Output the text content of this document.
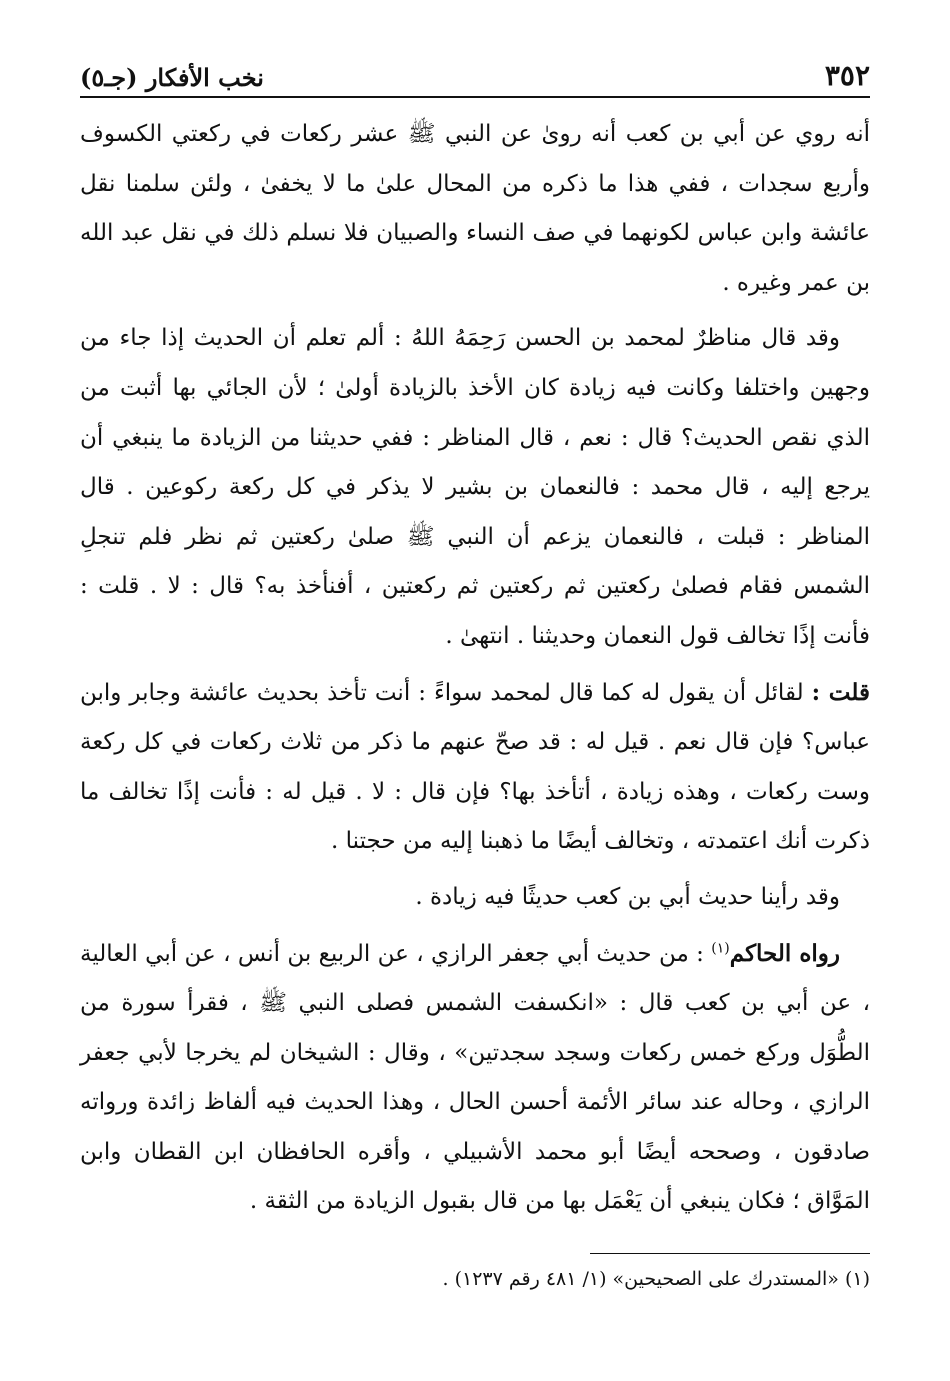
٣٥٢
نخب الأفكار (جـ٥)

أنه روي عن أبي بن كعب أنه روىٰ عن النبي ﷺ عشر ركعات في ركعتي الكسوف وأربع سجدات ، ففي هذا ما ذكره من المحال علىٰ ما لا يخفىٰ ، ولئن سلمنا نقل عائشة وابن عباس لكونهما في صف النساء والصبيان فلا نسلم ذلك في نقل عبد الله بن عمر وغيره .

وقد قال مناظرٌ لمحمد بن الحسن رَحِمَهُ اللهُ : ألم تعلم أن الحديث إذا جاء من وجهين واختلفا وكانت فيه زيادة كان الأخذ بالزيادة أولىٰ ؛ لأن الجائي بها أثبت من الذي نقص الحديث؟ قال : نعم ، قال المناظر : ففي حديثنا من الزيادة ما ينبغي أن يرجع إليه ، قال محمد : فالنعمان بن بشير لا يذكر في كل ركعة ركوعين . قال المناظر : قبلت ، فالنعمان يزعم أن النبي ﷺ صلىٰ ركعتين ثم نظر فلم تنجلِ الشمس فقام فصلىٰ ركعتين ثم ركعتين ثم ركعتين ، أفنأخذ به؟ قال : لا . قلت : فأنت إذًا تخالف قول النعمان وحديثنا . انتهىٰ .

قلت : لقائل أن يقول له كما قال لمحمد سواءً : أنت تأخذ بحديث عائشة وجابر وابن عباس؟ فإن قال نعم . قيل له : قد صحّ عنهم ما ذكر من ثلاث ركعات في كل ركعة وست ركعات ، وهذه زيادة ، أتأخذ بها؟ فإن قال : لا . قيل له : فأنت إذًا تخالف ما ذكرت أنك اعتمدته ، وتخالف أيضًا ما ذهبنا إليه من حجتنا .

وقد رأينا حديث أبي بن كعب حديثًا فيه زيادة .

رواه الحاكم$^{(١)}$ : من حديث أبي جعفر الرازي ، عن الربيع بن أنس ، عن أبي العالية ، عن أبي بن كعب قال : «انكسفت الشمس فصلى النبي ﷺ ، فقرأ سورة من الطُّوَل وركع خمس ركعات وسجد سجدتين» ، وقال : الشيخان لم يخرجا لأبي جعفر الرازي ، وحاله عند سائر الأئمة أحسن الحال ، وهذا الحديث فيه ألفاظ زائدة ورواته صادقون ، وصححه أيضًا أبو محمد الأشبيلي ، وأقره الحافظان ابن القطان وابن المَوَّاق ؛ فكان ينبغي أن يَعْمَل بها من قال بقبول الزيادة من الثقة .

(١) «المستدرك على الصحيحين» (١/ ٤٨١ رقم ١٢٣٧) .
